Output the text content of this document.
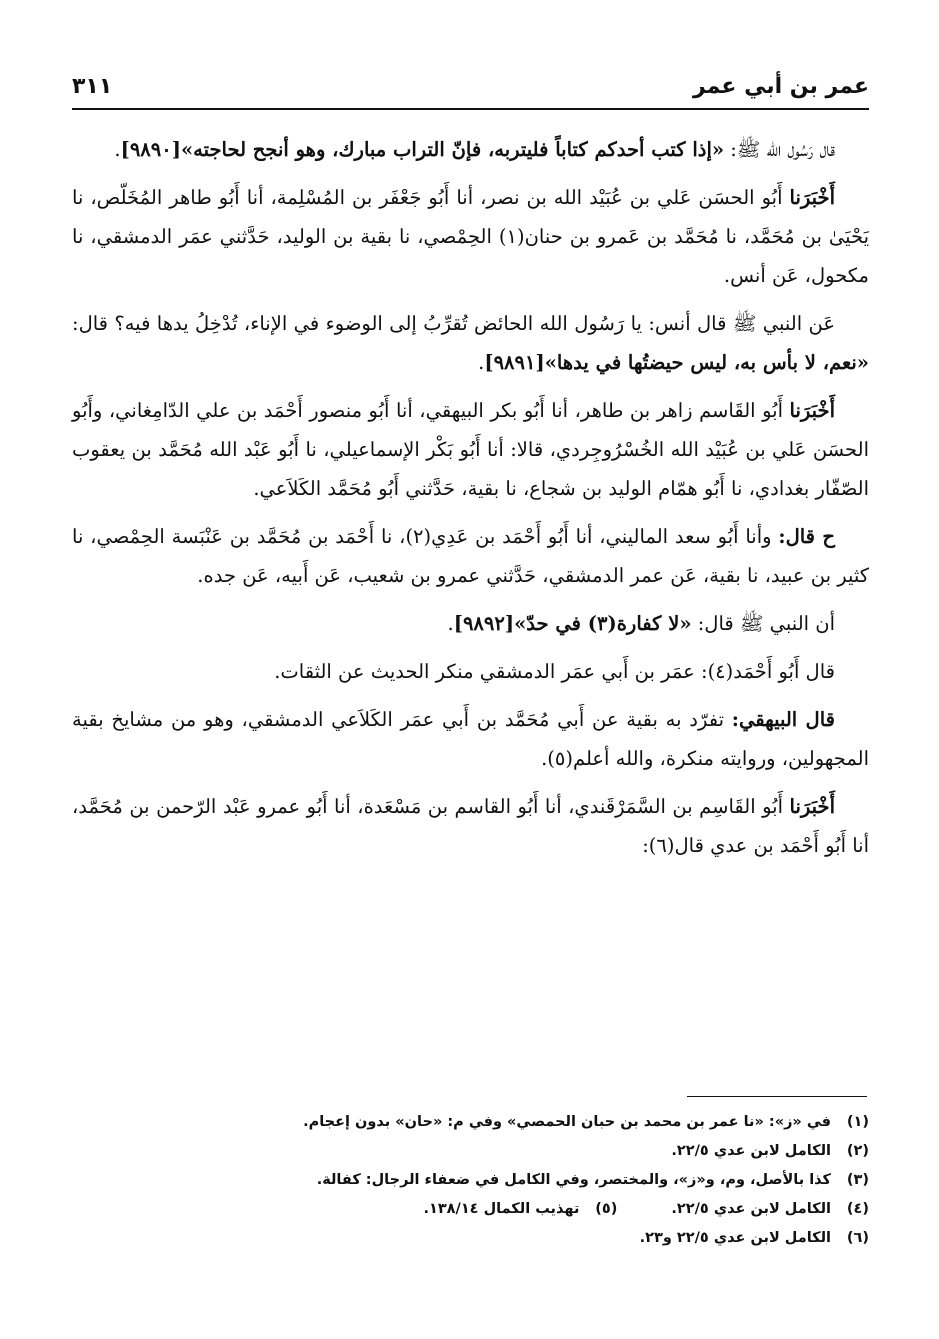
عمر بن أبي عمر
٣١١

قال رَسُول الله ﷺ: «إذا كتب أحدكم كتاباً فليتربه، فإنّ التراب مبارك، وهو أنجح لحاجته»[٩٨٩٠].

أَخْبَرَنا أَبُو الحسَن عَلي بن عُبَيْد الله بن نصر، أنا أَبُو جَعْفَر بن المُسْلِمة، أنا أَبُو طاهر المُخَلّص، نا يَحْيَىٰ بن مُحَمَّد، نا مُحَمَّد بن عَمرو بن حنان(١) الحِمْصي، نا بقية بن الوليد، حَدَّثني عمَر الدمشقي، نا مكحول، عَن أنس.

عَن النبي ﷺ قال أنس: يا رَسُول الله الحائض تُقرِّبُ إلى الوضوء في الإناء، تُدْخِلُ يدها فيه؟ قال: «نعم، لا بأس به، ليس حيضتُها في يدها»[٩٨٩١].

أَخْبَرَنا أَبُو القَاسم زاهر بن طاهر، أنا أَبُو بكر البيهقي، أنا أَبُو منصور أَحْمَد بن علي الدّامِغاني، وأَبُو الحسَن عَلي بن عُبَيْد الله الخُسْرُوجِردي، قالا: أنا أَبُو بَكْر الإسماعيلي، نا أَبُو عَبْد الله مُحَمَّد بن يعقوب الصّفّار بغدادي، نا أَبُو همّام الوليد بن شجاع، نا بقية، حَدَّثني أَبُو مُحَمَّد الكَلاَعي.

ح قال: وأنا أَبُو سعد الماليني، أنا أَبُو أَحْمَد بن عَدِي(٢)، نا أَحْمَد بن مُحَمَّد بن عَنْبَسة الحِمْصي، نا كثير بن عبيد، نا بقية، عَن عمر الدمشقي، حَدَّثني عمرو بن شعيب، عَن أَبيه، عَن جده.

أن النبي ﷺ قال: «لا كفارة(٣) في حدّ»[٩٨٩٢].

قال أَبُو أَحْمَد(٤): عمَر بن أَبي عمَر الدمشقي منكر الحديث عن الثقات.

قال البيهقي: تفرّد به بقية عن أَبي مُحَمَّد بن أَبي عمَر الكَلاَعي الدمشقي، وهو من مشايخ بقية المجهولين، وروايته منكرة، والله أعلم(٥).

أَخْبَرَنا أَبُو القَاسِم بن السَّمَرْقَندي، أنا أَبُو القاسم بن مَسْعَدة، أنا أَبُو عمرو عَبْد الرّحمن بن مُحَمَّد، أنا أَبُو أَحْمَد بن عدي قال(٦):

(١)
في «ز»: «نا عمر بن محمد بن حبان الحمصي» وفي م: «حان» بدون إعجام.
(٢)
الكامل لابن عدي ٢٢/٥.
(٣)
كذا بالأصل، وم، و«ز»، والمختصر، وفي الكامل في ضعفاء الرجال: كفالة.
(٤)
الكامل لابن عدي ٢٢/٥.
(٥)
تهذيب الكمال ١٣٨/١٤.
(٦)
الكامل لابن عدي ٢٢/٥ و٢٣.
